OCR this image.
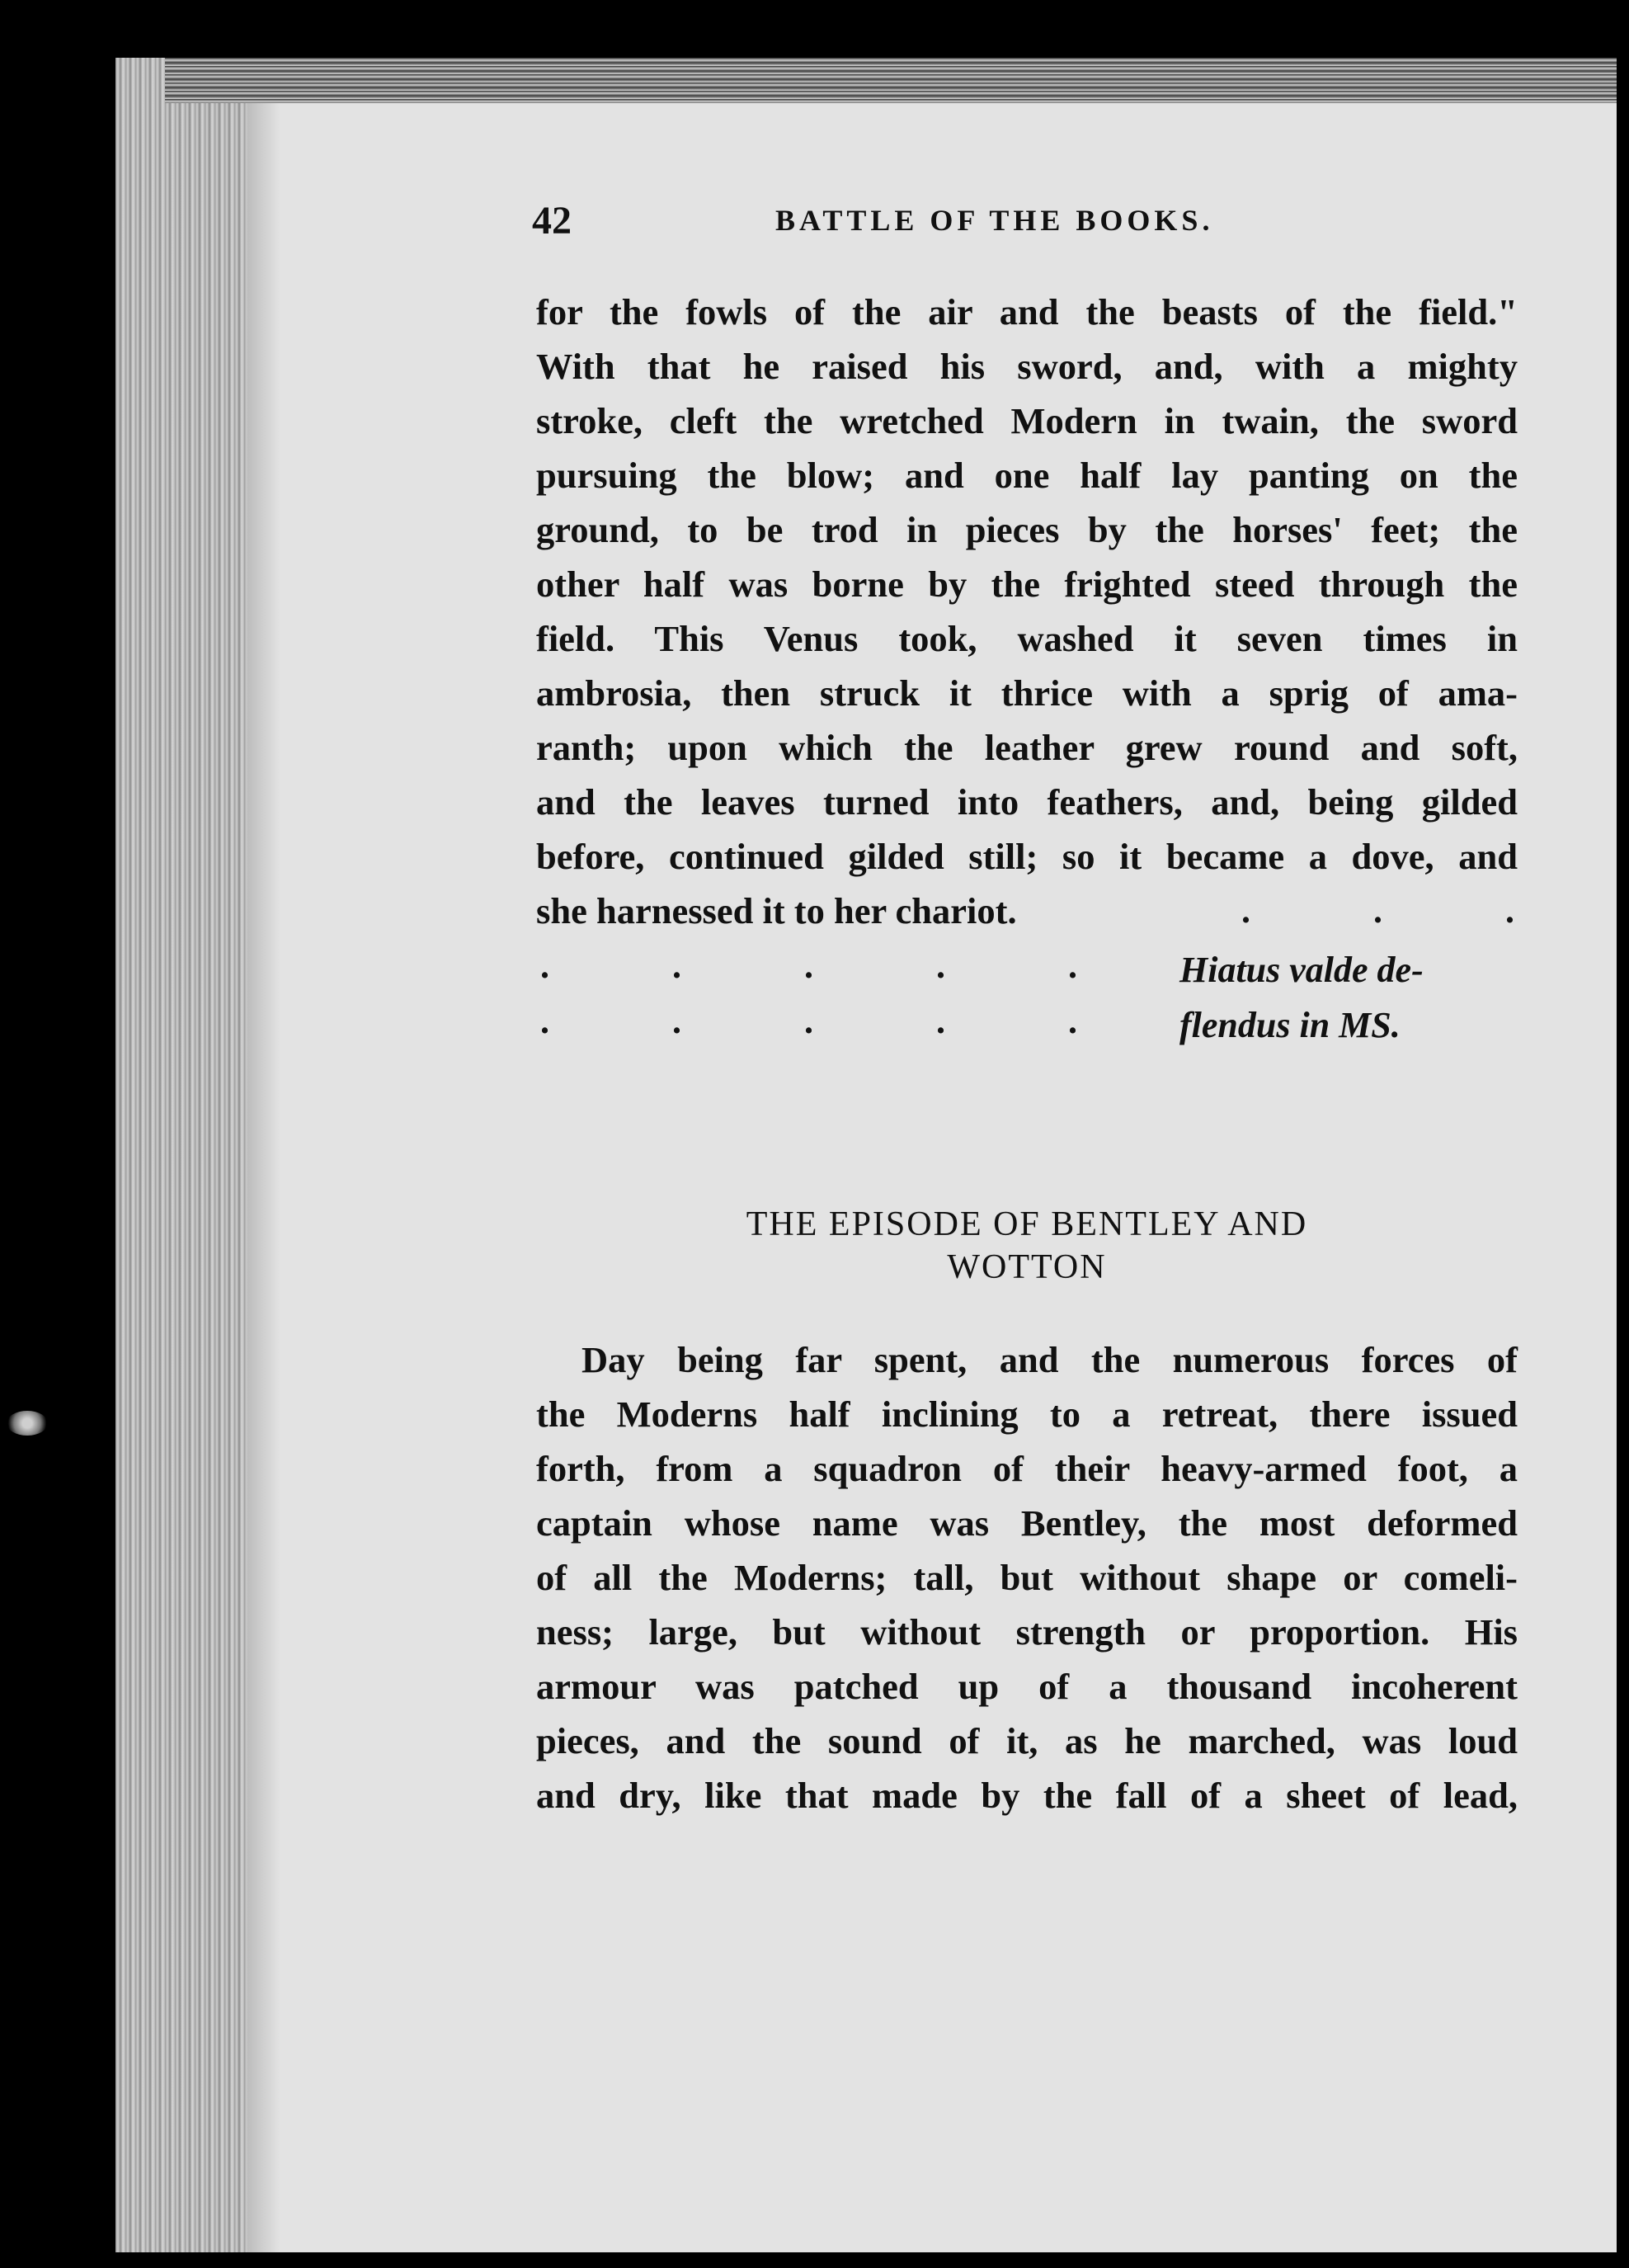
42	BATTLE OF THE BOOKS.
for the fowls of the air and the beasts of the field."
With that he raised his sword, and, with a mighty
stroke, cleft the wretched Modern in twain, the sword
pursuing the blow; and one half lay panting on the
ground, to be trod in pieces by the horses' feet; the
other half was borne by the frighted steed through the
field. This Venus took, washed it seven times in
ambrosia, then struck it thrice with a sprig of ama-
ranth; upon which the leather grew round and soft,
and the leaves turned into feathers, and, being gilded
before, continued gilded still; so it became a dove, and
she harnessed it to her chariot.	.	.	.
.	.	.	.	.	Hiatus valde de-
.	.	.	.	.	flendus in MS.
THE EPISODE OF BENTLEY AND
WOTTON
Day being far spent, and the numerous forces of
the Moderns half inclining to a retreat, there issued
forth, from a squadron of their heavy-armed foot, a
captain whose name was Bentley, the most deformed
of all the Moderns; tall, but without shape or comeli-
ness; large, but without strength or proportion. His
armour was patched up of a thousand incoherent
pieces, and the sound of it, as he marched, was loud
and dry, like that made by the fall of a sheet of lead,
